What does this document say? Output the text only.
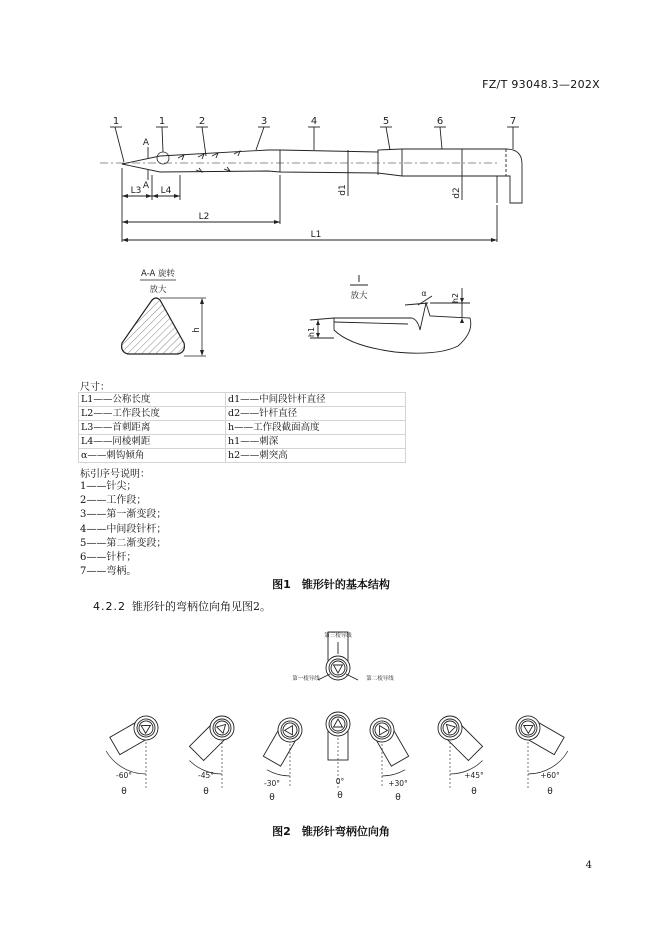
FZ/T 93048.3—202X
1	1	2	3	4	5	6	7
A
A
L3 L4
L2
L1
d1	d2
A-A 旋转
放大
h
I
放大	α
h1
h2
尺寸：
L1——公称长度	d1——中间段针杆直径
L2——工作段长度	d2——针杆直径
L3——首刺距离	h——工作段截面高度
L4——同棱刺距	h1——刺深
α——刺钩倾角	h2——刺突高
标引序号说明：
1——针尖；
2——工作段；
3——第一渐变段；
4——中间段针杆；
5——第二渐变段；
6——针杆；
7——弯柄。
图1　锥形针的基本结构
4.2.2 锥形针的弯柄位向角见图2。
第三棱导线
第一棱导线	第二棱导线
-60°	-45°
-30°	0°	+30°
+45°	+60°
θ	θ
θ	θ	θ
θ	θ
图2　锥形针弯柄位向角
4
